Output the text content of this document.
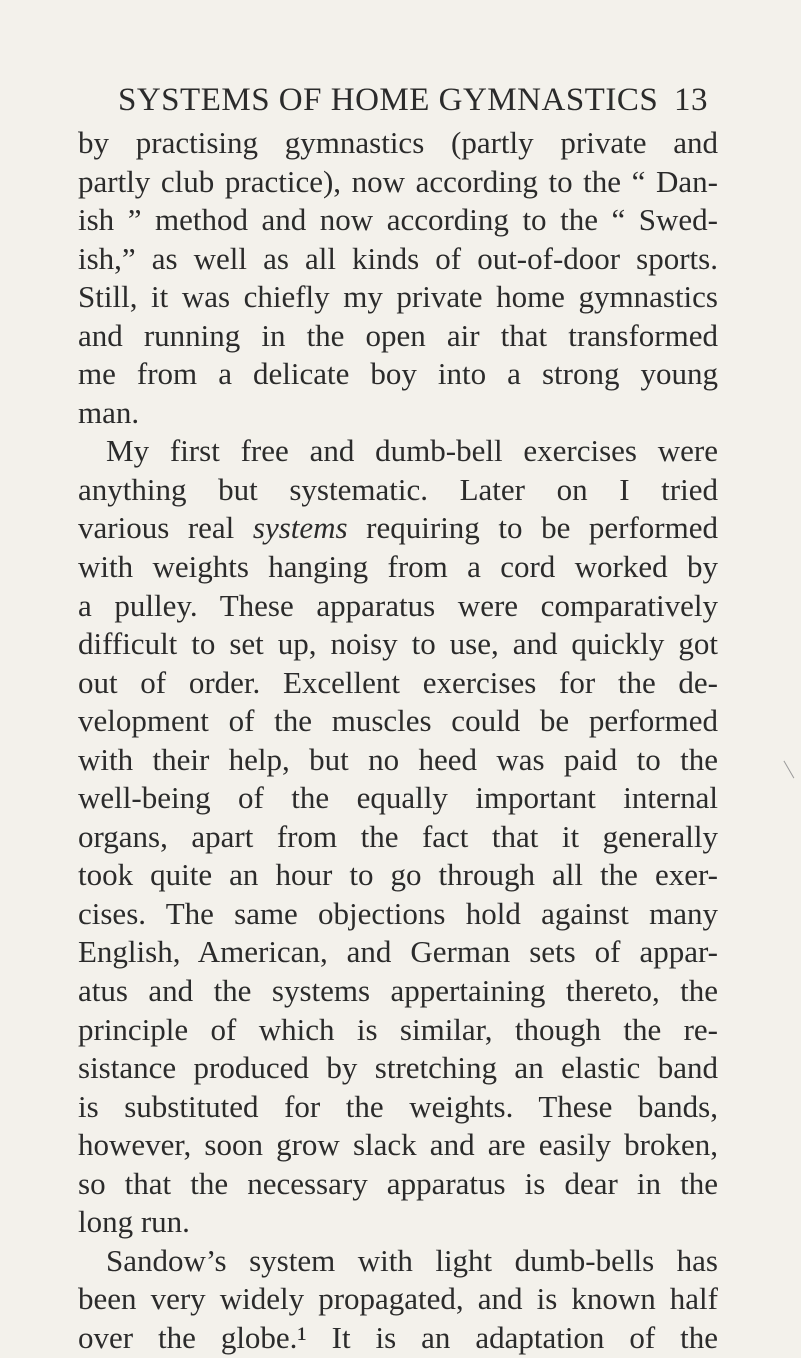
SYSTEMS OF HOME GYMNASTICS 13
by practising gymnastics (partly private and
partly club practice), now according to the “ Dan-
ish ” method and now according to the “ Swed-
ish,” as well as all kinds of out-of-door sports.
Still, it was chiefly my private home gymnastics
and running in the open air that transformed
me from a delicate boy into a strong young
man.
My first free and dumb-bell exercises were
anything but systematic. Later on I tried
various real systems requiring to be performed
with weights hanging from a cord worked by
a pulley. These apparatus were comparatively
difficult to set up, noisy to use, and quickly got
out of order. Excellent exercises for the de-
velopment of the muscles could be performed
with their help, but no heed was paid to the
well-being of the equally important internal
organs, apart from the fact that it generally
took quite an hour to go through all the exer-
cises. The same objections hold against many
English, American, and German sets of appar-
atus and the systems appertaining thereto, the
principle of which is similar, though the re-
sistance produced by stretching an elastic band
is substituted for the weights. These bands,
however, soon grow slack and are easily broken,
so that the necessary apparatus is dear in the
long run.
Sandow’s system with light dumb-bells has
been very widely propagated, and is known half
over the globe.¹ It is an adaptation of the
